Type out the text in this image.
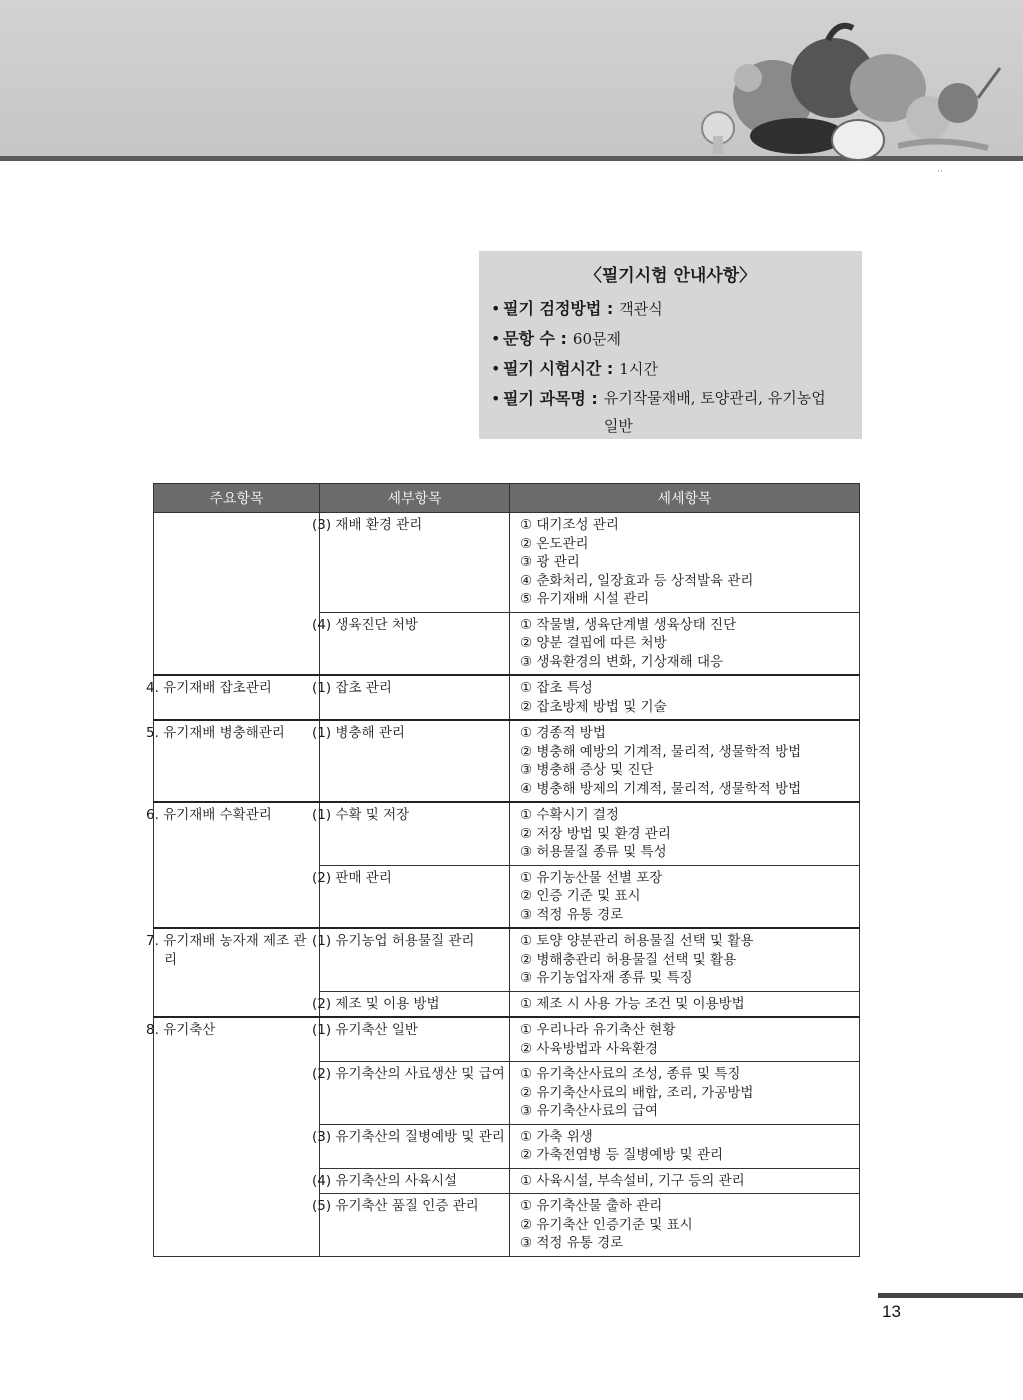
··
〈필기시험 안내사항〉
• 필기 검정방법 : 객관식
• 문항 수 : 60문제
• 필기 시험시간 : 1시간
• 필기 과목명 : 유기작물재배, 토양관리, 유기농업 일반
주요항목	세부항목	세세항목
	(3) 재배 환경 관리	① 대기조성 관리
② 온도관리
③ 광 관리
④ 춘화처리, 일장효과 등 상적발육 관리
⑤ 유기재배 시설 관리

	(4) 생육진단 처방	① 작물별, 생육단계별 생육상태 진단
② 양분 결핍에 따른 처방
③ 생육환경의 변화, 기상재해 대응

4. 유기재배 잡초관리	(1) 잡초 관리	① 잡초 특성
② 잡초방제 방법 및 기술

5. 유기재배 병충해관리	(1) 병충해 관리	① 경종적 방법
② 병충해 예방의 기계적, 물리적, 생물학적 방법
③ 병충해 증상 및 진단
④ 병충해 방제의 기계적, 물리적, 생물학적 방법

6. 유기재배 수확관리	(1) 수확 및 저장	① 수확시기 결정
② 저장 방법 및 환경 관리
③ 허용물질 종류 및 특성

	(2) 판매 관리	① 유기농산물 선별 포장
② 인증 기준 및 표시
③ 적정 유통 경로

7. 유기재배 농자재 제조 관리	(1) 유기농업 허용물질 관리	① 토양 양분관리 허용물질 선택 및 활용
② 병해충관리 허용물질 선택 및 활용
③ 유기농업자재 종류 및 특징

	(2) 제조 및 이용 방법	① 제조 시 사용 가능 조건 및 이용방법

8. 유기축산	(1) 유기축산 일반	① 우리나라 유기축산 현황
② 사육방법과 사육환경

	(2) 유기축산의 사료생산 및 급여	① 유기축산사료의 조성, 종류 및 특징
② 유기축산사료의 배합, 조리, 가공방법
③ 유기축산사료의 급여

	(3) 유기축산의 질병예방 및 관리	① 가축 위생
② 가축전염병 등 질병예방 및 관리

	(4) 유기축산의 사육시설	① 사육시설, 부속설비, 기구 등의 관리

	(5) 유기축산 품질 인증 관리	① 유기축산물 출하 관리
② 유기축산 인증기준 및 표시
③ 적정 유통 경로
13
